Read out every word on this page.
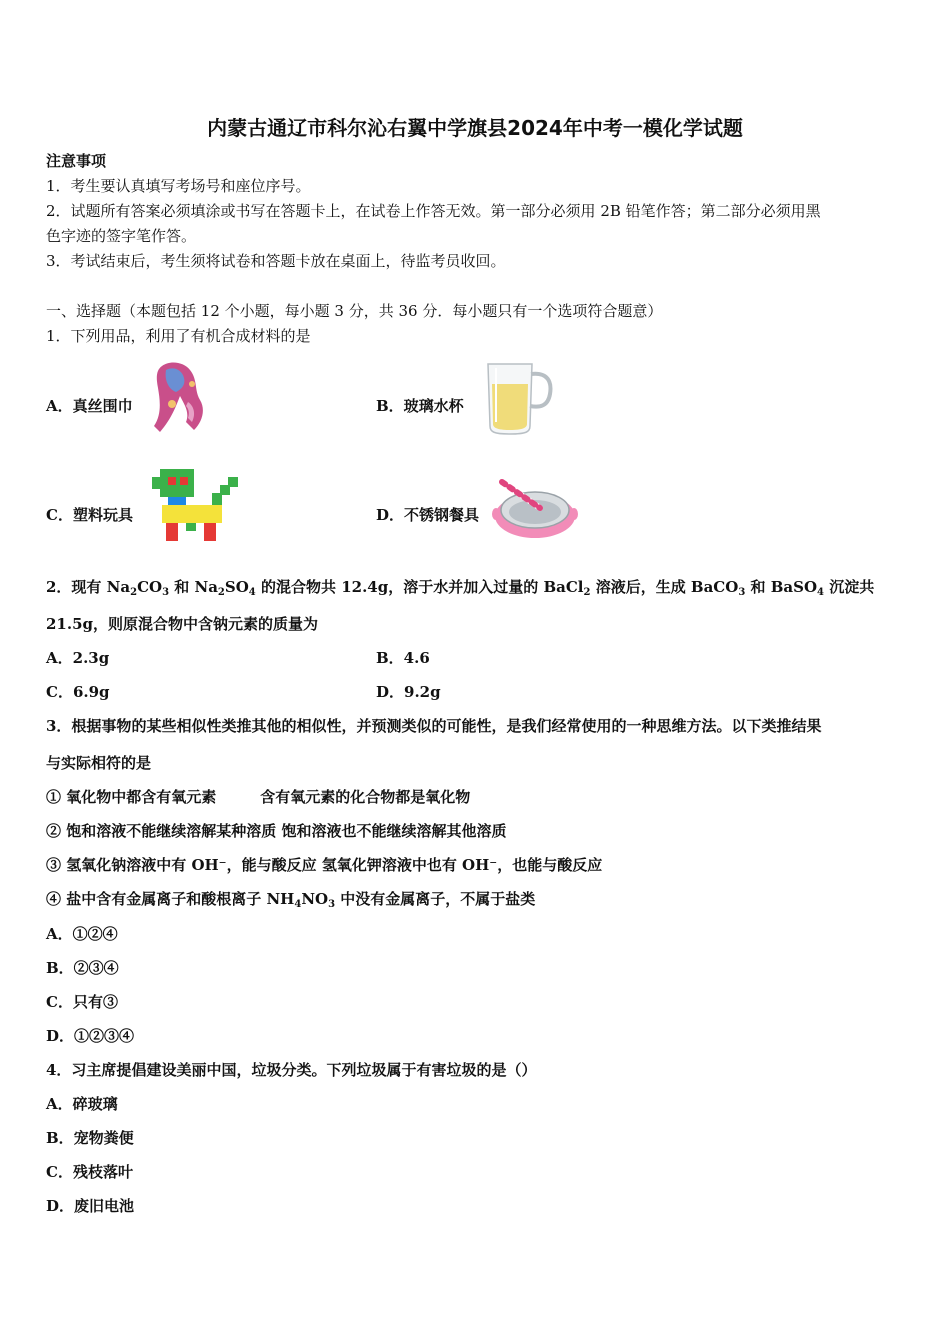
内蒙古通辽市科尔沁右翼中学旗县2024年中考一模化学试题
注意事项
1．考生要认真填写考场号和座位序号。
2．试题所有答案必须填涂或书写在答题卡上，在试卷上作答无效。第一部分必须用 2B 铅笔作答；第二部分必须用黑
色字迹的签字笔作答。
3．考试结束后，考生须将试卷和答题卡放在桌面上，待监考员收回。
一、选择题（本题包括 12 个小题，每小题 3 分，共 36 分．每小题只有一个选项符合题意）
1．下列用品，利用了有机合成材料的是
A．真丝围巾	B．玻璃水杯
C．塑料玩具	D．不锈钢餐具
2．现有 $Na_2CO_3$ 和 $Na_2SO_4$ 的混合物共 12.4g，溶于水并加入过量的 BaCl$_2$ 溶液后，生成 BaCO$_3$ 和 BaSO$_4$ 沉淀共
21.5g，则原混合物中含钠元素的质量为
A．2.3g	B．4.6
C．6.9g	D．9.2g
3．根据事物的某些相似性类推其他的相似性，并预测类似的可能性，是我们经常使用的一种思维方法。以下类推结果
与实际相符的是
① 氧化物中都含有氧元素	含有氧元素的化合物都是氧化物
② 饱和溶液不能继续溶解某种溶质 饱和溶液也不能继续溶解其他溶质
③ 氢氧化钠溶液中有 OH⁻，能与酸反应 氢氧化钾溶液中也有 OH⁻，也能与酸反应
④ 盐中含有金属离子和酸根离子 $NH_4NO_3$ 中没有金属离子，不属于盐类
A．①②④
B．②③④
C．只有③
D．①②③④
4．习主席提倡建设美丽中国，垃圾分类。下列垃圾属于有害垃圾的是（）
A．碎玻璃
B．宠物粪便
C．残枝落叶
D．废旧电池
